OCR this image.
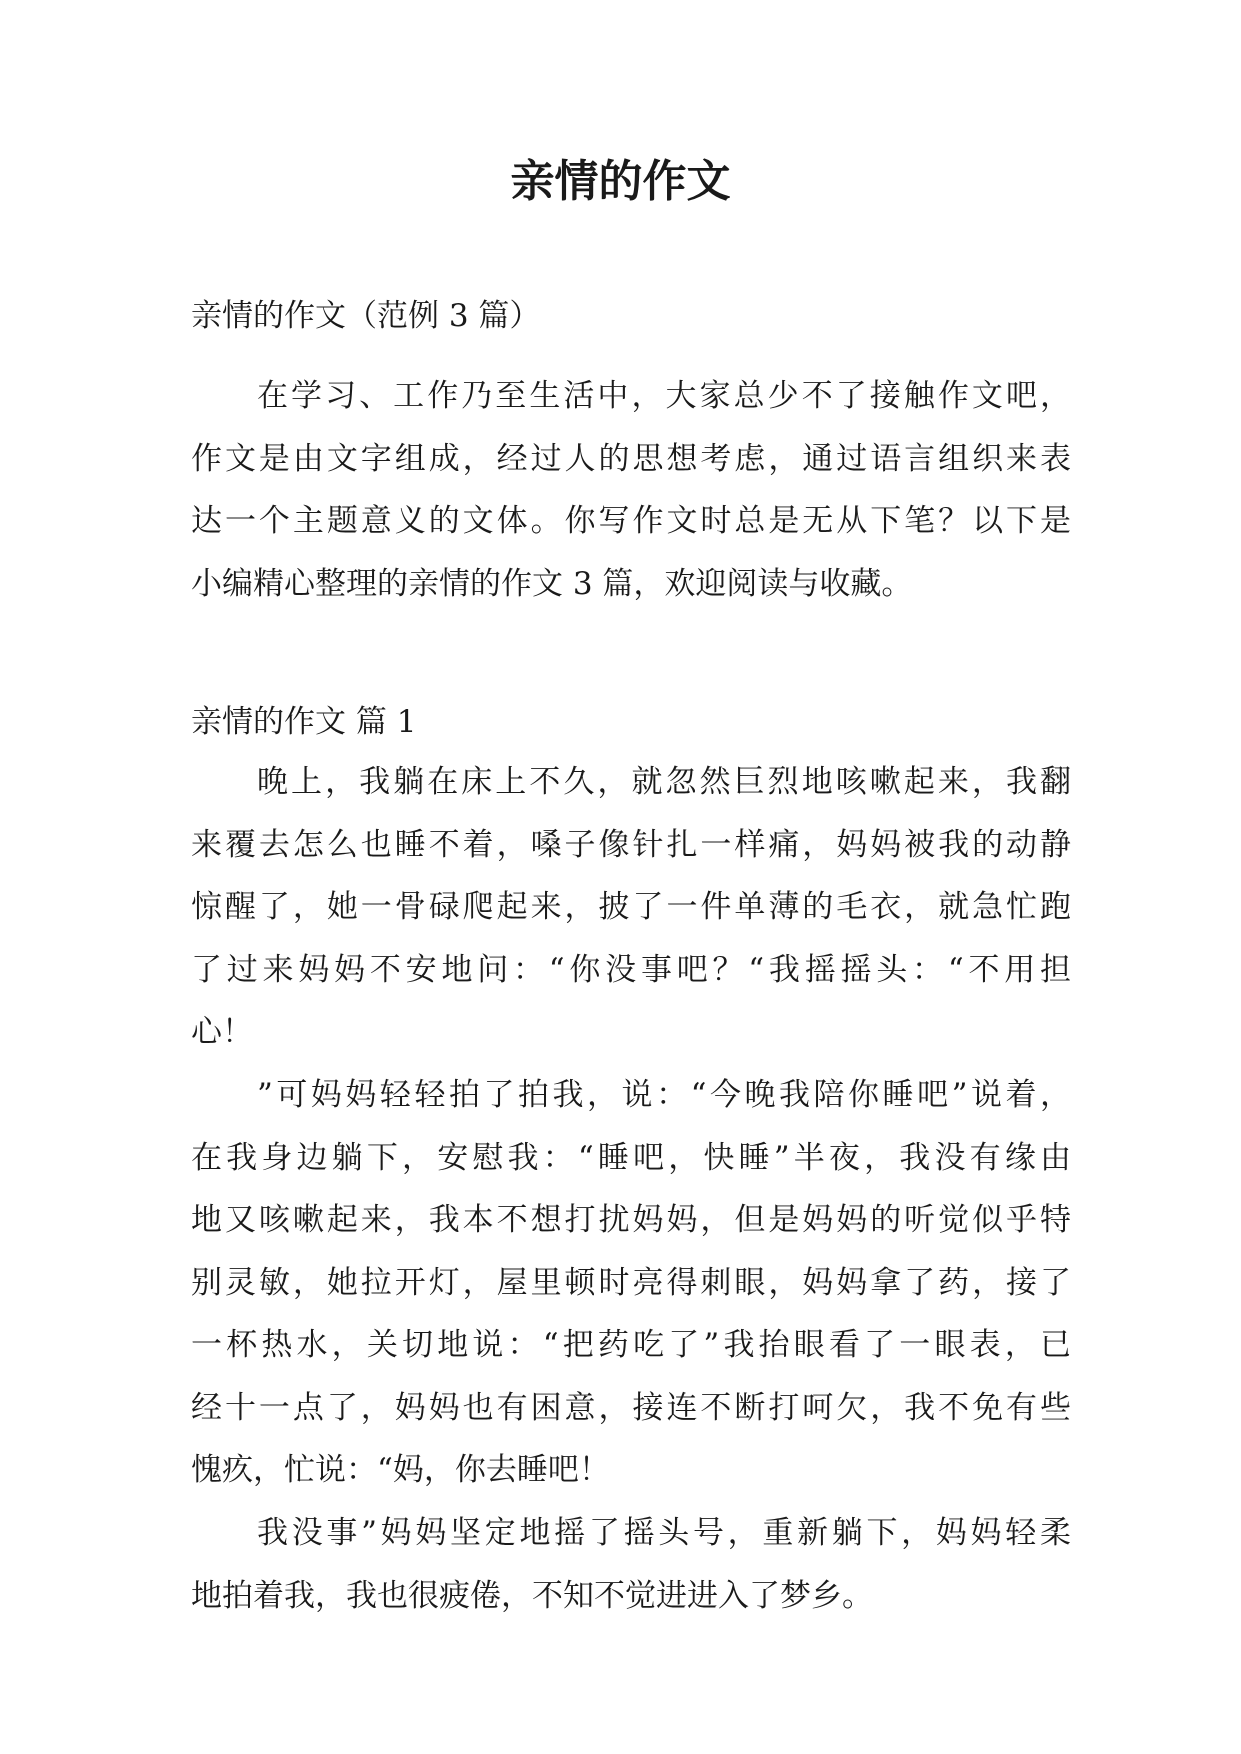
亲情的作文

亲情的作文（范例 3 篇）

在学习、工作乃至生活中，大家总少不了接触作文吧，
作文是由文字组成，经过人的思想考虑，通过语言组织来表
达一个主题意义的文体。你写作文时总是无从下笔？以下是
小编精心整理的亲情的作文 3 篇，欢迎阅读与收藏。

亲情的作文 篇 1

晚上，我躺在床上不久，就忽然巨烈地咳嗽起来，我翻
来覆去怎么也睡不着，嗓子像针扎一样痛，妈妈被我的动静
惊醒了，她一骨碌爬起来，披了一件单薄的毛衣，就急忙跑
了过来妈妈不安地问：“你没事吧？“我摇摇头：“不用担
心！
”可妈妈轻轻拍了拍我，说：“今晚我陪你睡吧”说着，
在我身边躺下，安慰我：“睡吧，快睡”半夜，我没有缘由
地又咳嗽起来，我本不想打扰妈妈，但是妈妈的听觉似乎特
别灵敏，她拉开灯，屋里顿时亮得刺眼，妈妈拿了药，接了
一杯热水，关切地说：“把药吃了”我抬眼看了一眼表，已
经十一点了，妈妈也有困意，接连不断打呵欠，我不免有些
愧疚，忙说：“妈，你去睡吧！
我没事”妈妈坚定地摇了摇头号，重新躺下，妈妈轻柔
地拍着我，我也很疲倦，不知不觉进进入了梦乡。
